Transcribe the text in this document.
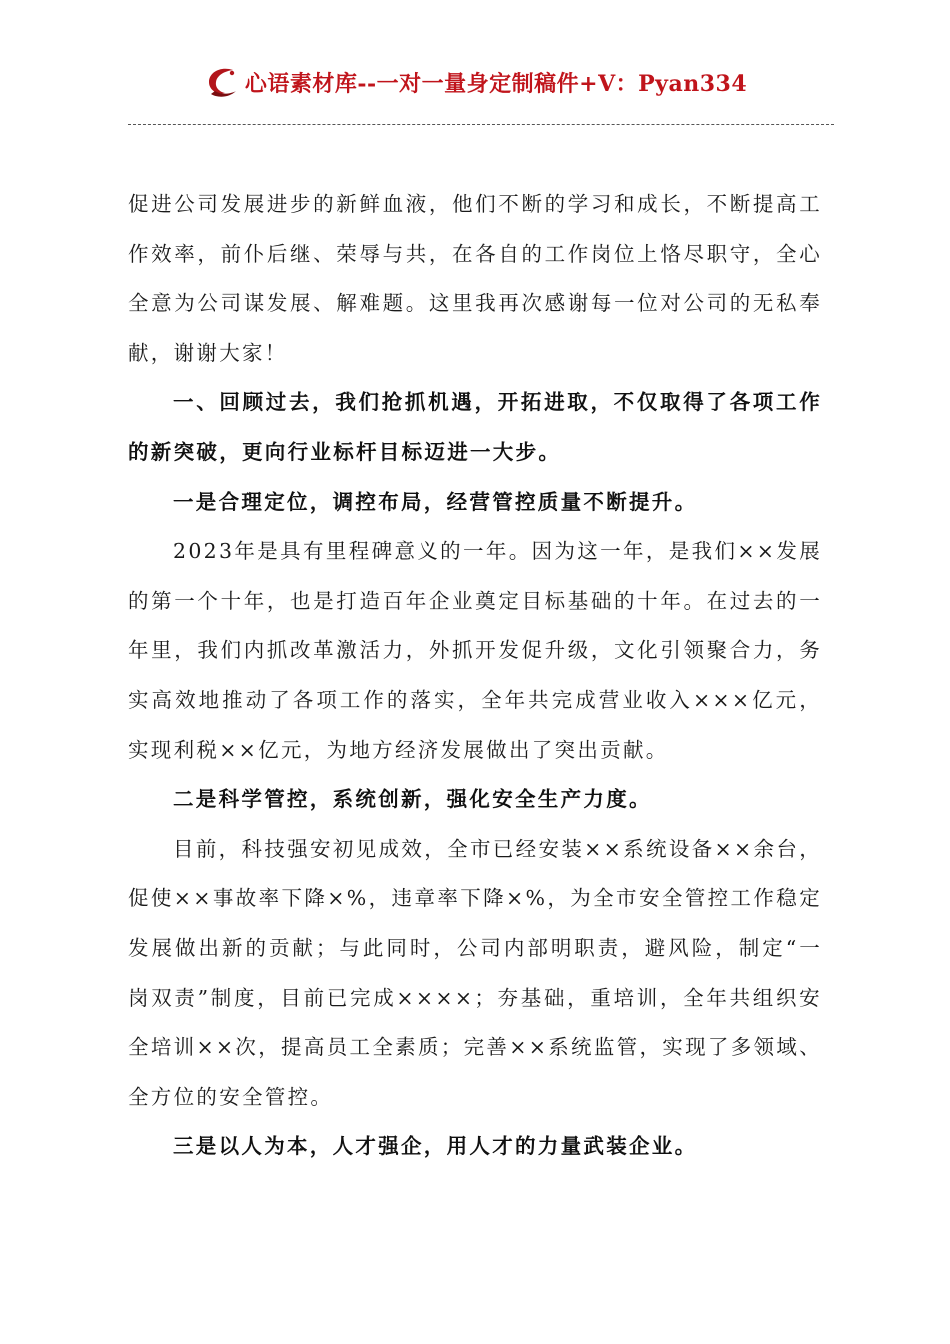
心语素材库--一对一量身定制稿件+V：Pyan334

促进公司发展进步的新鲜血液，他们不断的学习和成长，不断提高工作效率，前仆后继、荣辱与共，在各自的工作岗位上恪尽职守，全心全意为公司谋发展、解难题。这里我再次感谢每一位对公司的无私奉献，谢谢大家！

一、回顾过去，我们抢抓机遇，开拓进取，不仅取得了各项工作的新突破，更向行业标杆目标迈进一大步。

一是合理定位，调控布局，经营管控质量不断提升。

2023年是具有里程碑意义的一年。因为这一年，是我们××发展的第一个十年，也是打造百年企业奠定目标基础的十年。在过去的一年里，我们内抓改革激活力，外抓开发促升级，文化引领聚合力，务实高效地推动了各项工作的落实，全年共完成营业收入×××亿元，实现利税××亿元，为地方经济发展做出了突出贡献。

二是科学管控，系统创新，强化安全生产力度。

目前，科技强安初见成效，全市已经安装××系统设备××余台，促使××事故率下降×%，违章率下降×%，为全市安全管控工作稳定发展做出新的贡献；与此同时，公司内部明职责，避风险，制定“一岗双责”制度，目前已完成××××；夯基础，重培训，全年共组织安全培训××次，提高员工全素质；完善××系统监管，实现了多领域、全方位的安全管控。

三是以人为本，人才强企，用人才的力量武装企业。
